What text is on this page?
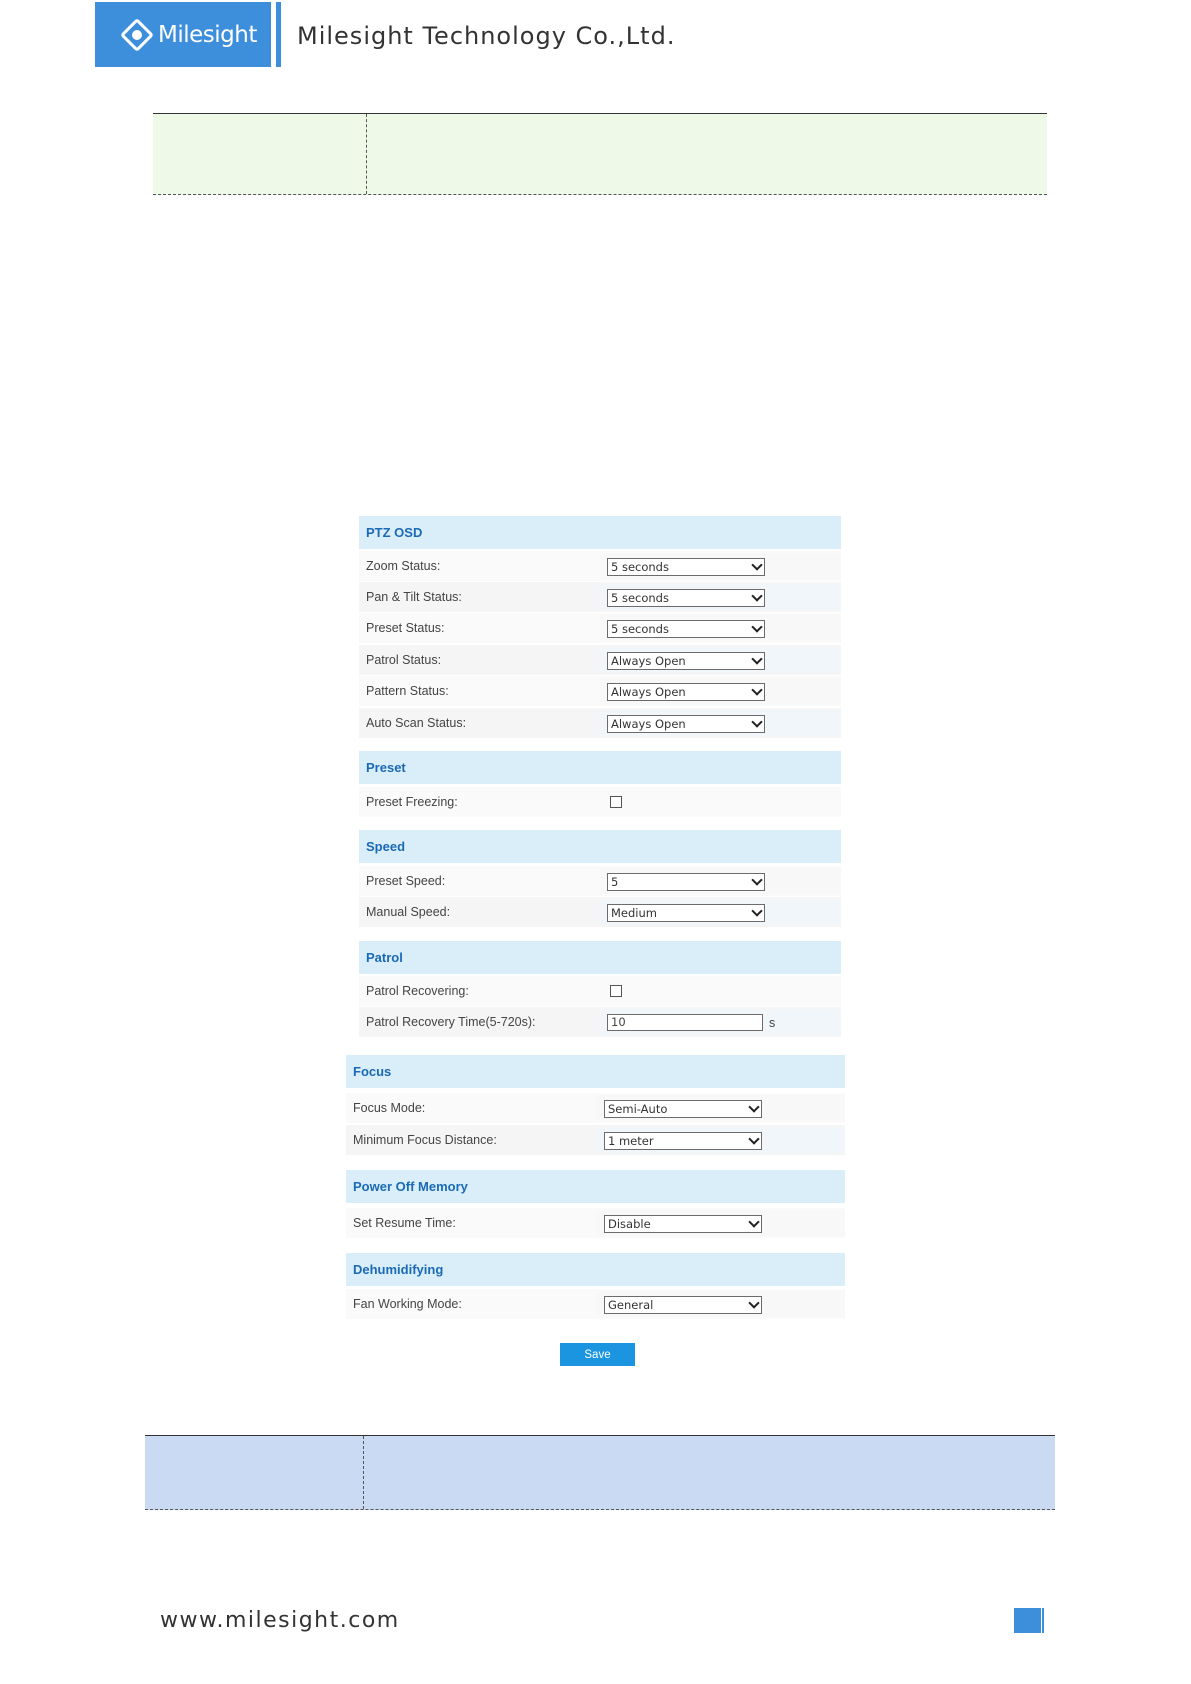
Milesight Milesight Technology Co.,Ltd.
PTZ OSD
Zoom Status:	5 seconds
Pan & Tilt Status:	5 seconds
Preset Status:	5 seconds
Patrol Status:	Always Open
Pattern Status:	Always Open
Auto Scan Status:	Always Open
Preset
Preset Freezing:
Speed
Preset Speed:	5
Manual Speed:	Medium
Patrol
Patrol Recovering:
Patrol Recovery Time(5-720s):	10	s
Focus
Focus Mode:	Semi-Auto
Minimum Focus Distance:	1 meter
Power Off Memory
Set Resume Time:	Disable
Dehumidifying
Fan Working Mode:	General
Save
www.milesight.com
